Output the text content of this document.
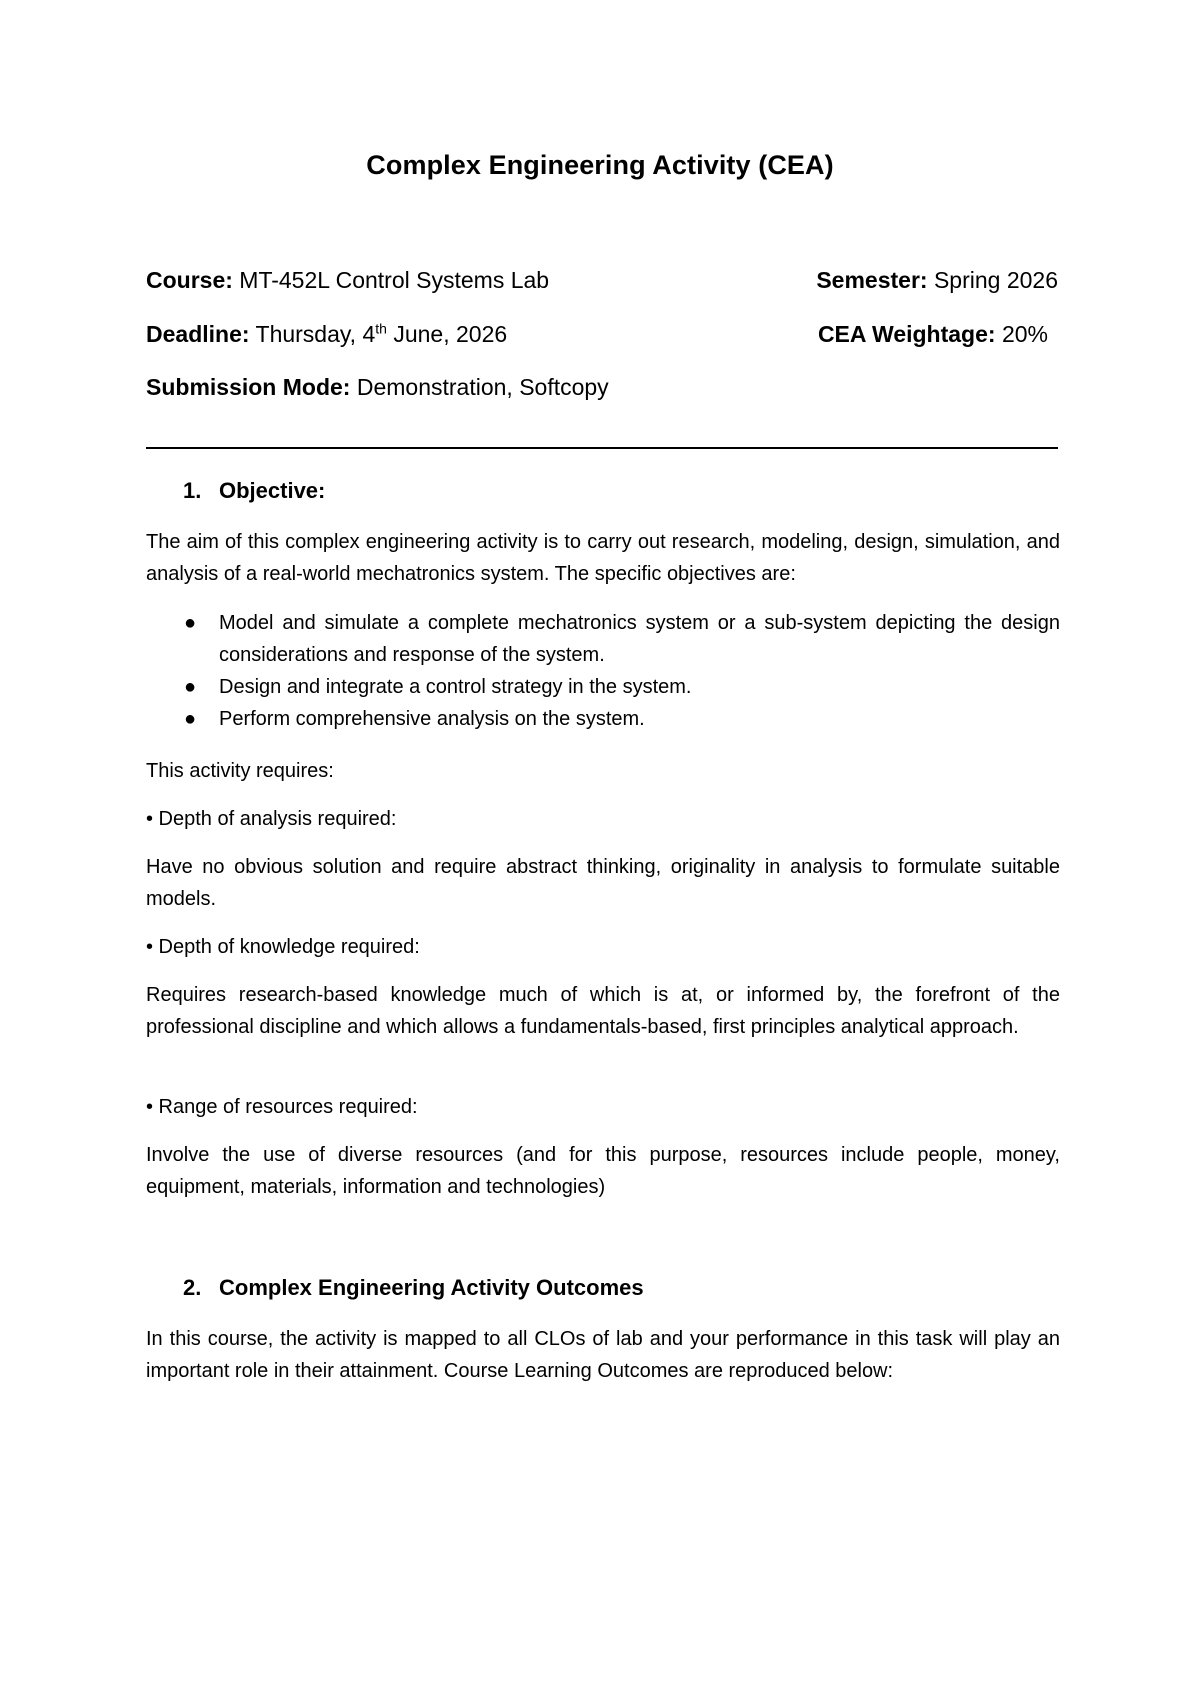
Complex Engineering Activity (CEA)
Course: MT-452L Control Systems Lab	Semester: Spring 2026
Deadline: Thursday, 4th June, 2026	CEA Weightage: 20%
Submission Mode: Demonstration, Softcopy
1. Objective:
The aim of this complex engineering activity is to carry out research, modeling, design, simulation, and analysis of a real-world mechatronics system. The specific objectives are:
● Model and simulate a complete mechatronics system or a sub-system depicting the design considerations and response of the system.
● Design and integrate a control strategy in the system.
● Perform comprehensive analysis on the system.
This activity requires:
• Depth of analysis required:
Have no obvious solution and require abstract thinking, originality in analysis to formulate suitable models.
• Depth of knowledge required:
Requires research-based knowledge much of which is at, or informed by, the forefront of the professional discipline and which allows a fundamentals-based, first principles analytical approach.
• Range of resources required:
Involve the use of diverse resources (and for this purpose, resources include people, money, equipment, materials, information and technologies)
2. Complex Engineering Activity Outcomes
In this course, the activity is mapped to all CLOs of lab and your performance in this task will play an important role in their attainment. Course Learning Outcomes are reproduced below:
